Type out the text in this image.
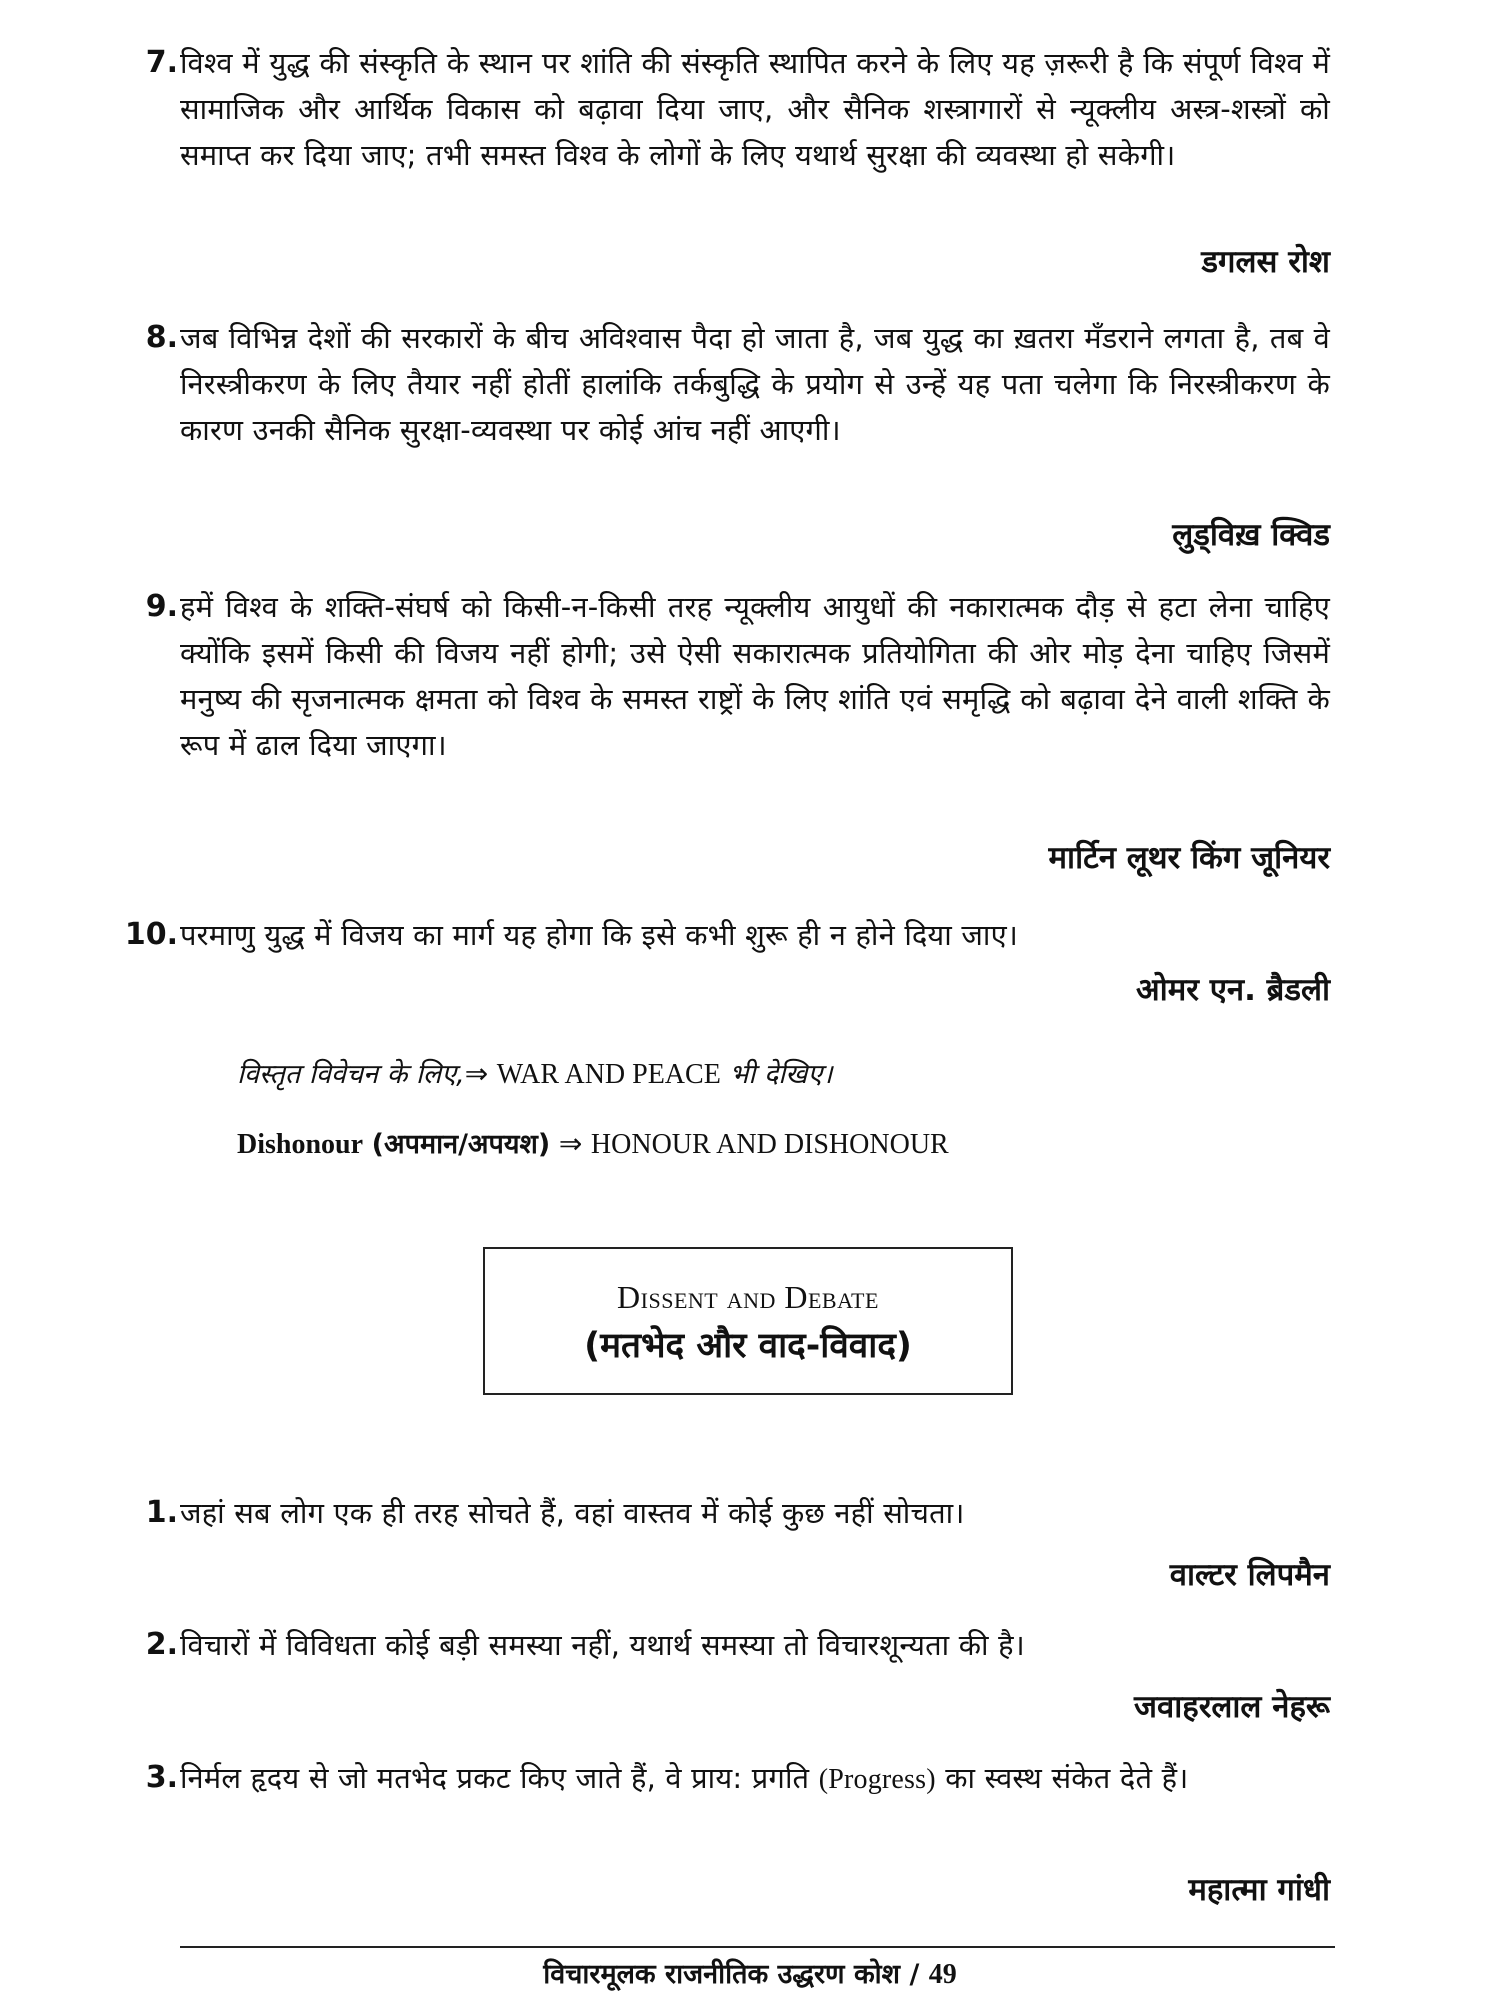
7. विश्व में युद्ध की संस्कृति के स्थान पर शांति की संस्कृति स्थापित करने के लिए यह ज़रूरी है कि संपूर्ण विश्व में सामाजिक और आर्थिक विकास को बढ़ावा दिया जाए, और सैनिक शस्त्रागारों से न्यूक्लीय अस्त्र-शस्त्रों को समाप्त कर दिया जाए; तभी समस्त विश्व के लोगों के लिए यथार्थ सुरक्षा की व्यवस्था हो सकेगी।

डगलस रोश
8. जब विभिन्न देशों की सरकारों के बीच अविश्वास पैदा हो जाता है, जब युद्ध का ख़तरा मँडराने लगता है, तब वे निरस्त्रीकरण के लिए तैयार नहीं होतीं हालांकि तर्कबुद्धि के प्रयोग से उन्हें यह पता चलेगा कि निरस्त्रीकरण के कारण उनकी सैनिक सुरक्षा-व्यवस्था पर कोई आंच नहीं आएगी।

लुड्विख़ क्विड
9. हमें विश्व के शक्ति-संघर्ष को किसी-न-किसी तरह न्यूक्लीय आयुधों की नकारात्मक दौड़ से हटा लेना चाहिए क्योंकि इसमें किसी की विजय नहीं होगी; उसे ऐसी सकारात्मक प्रतियोगिता की ओर मोड़ देना चाहिए जिसमें मनुष्य की सृजनात्मक क्षमता को विश्व के समस्त राष्ट्रों के लिए शांति एवं समृद्धि को बढ़ावा देने वाली शक्ति के रूप में ढाल दिया जाएगा।

मार्टिन लूथर किंग जूनियर
10. परमाणु युद्ध में विजय का मार्ग यह होगा कि इसे कभी शुरू ही न होने दिया जाए।

ओमर एन. ब्रैडली
विस्तृत विवेचन के लिए,⇒ WAR AND PEACE भी देखिए।
Dishonour (अपमान/अपयश) ⇒ HONOUR AND DISHONOUR
Dissent and Debate
(मतभेद और वाद-विवाद)
1. जहां सब लोग एक ही तरह सोचते हैं, वहां वास्तव में कोई कुछ नहीं सोचता।

वाल्टर लिपमैन
2. विचारों में विविधता कोई बड़ी समस्या नहीं, यथार्थ समस्या तो विचारशून्यता की है।

जवाहरलाल नेहरू
3. निर्मल हृदय से जो मतभेद प्रकट किए जाते हैं, वे प्राय: प्रगति (Progress) का स्वस्थ संकेत देते हैं।

महात्मा गांधी
विचारमूलक राजनीतिक उद्धरण कोश / 49
